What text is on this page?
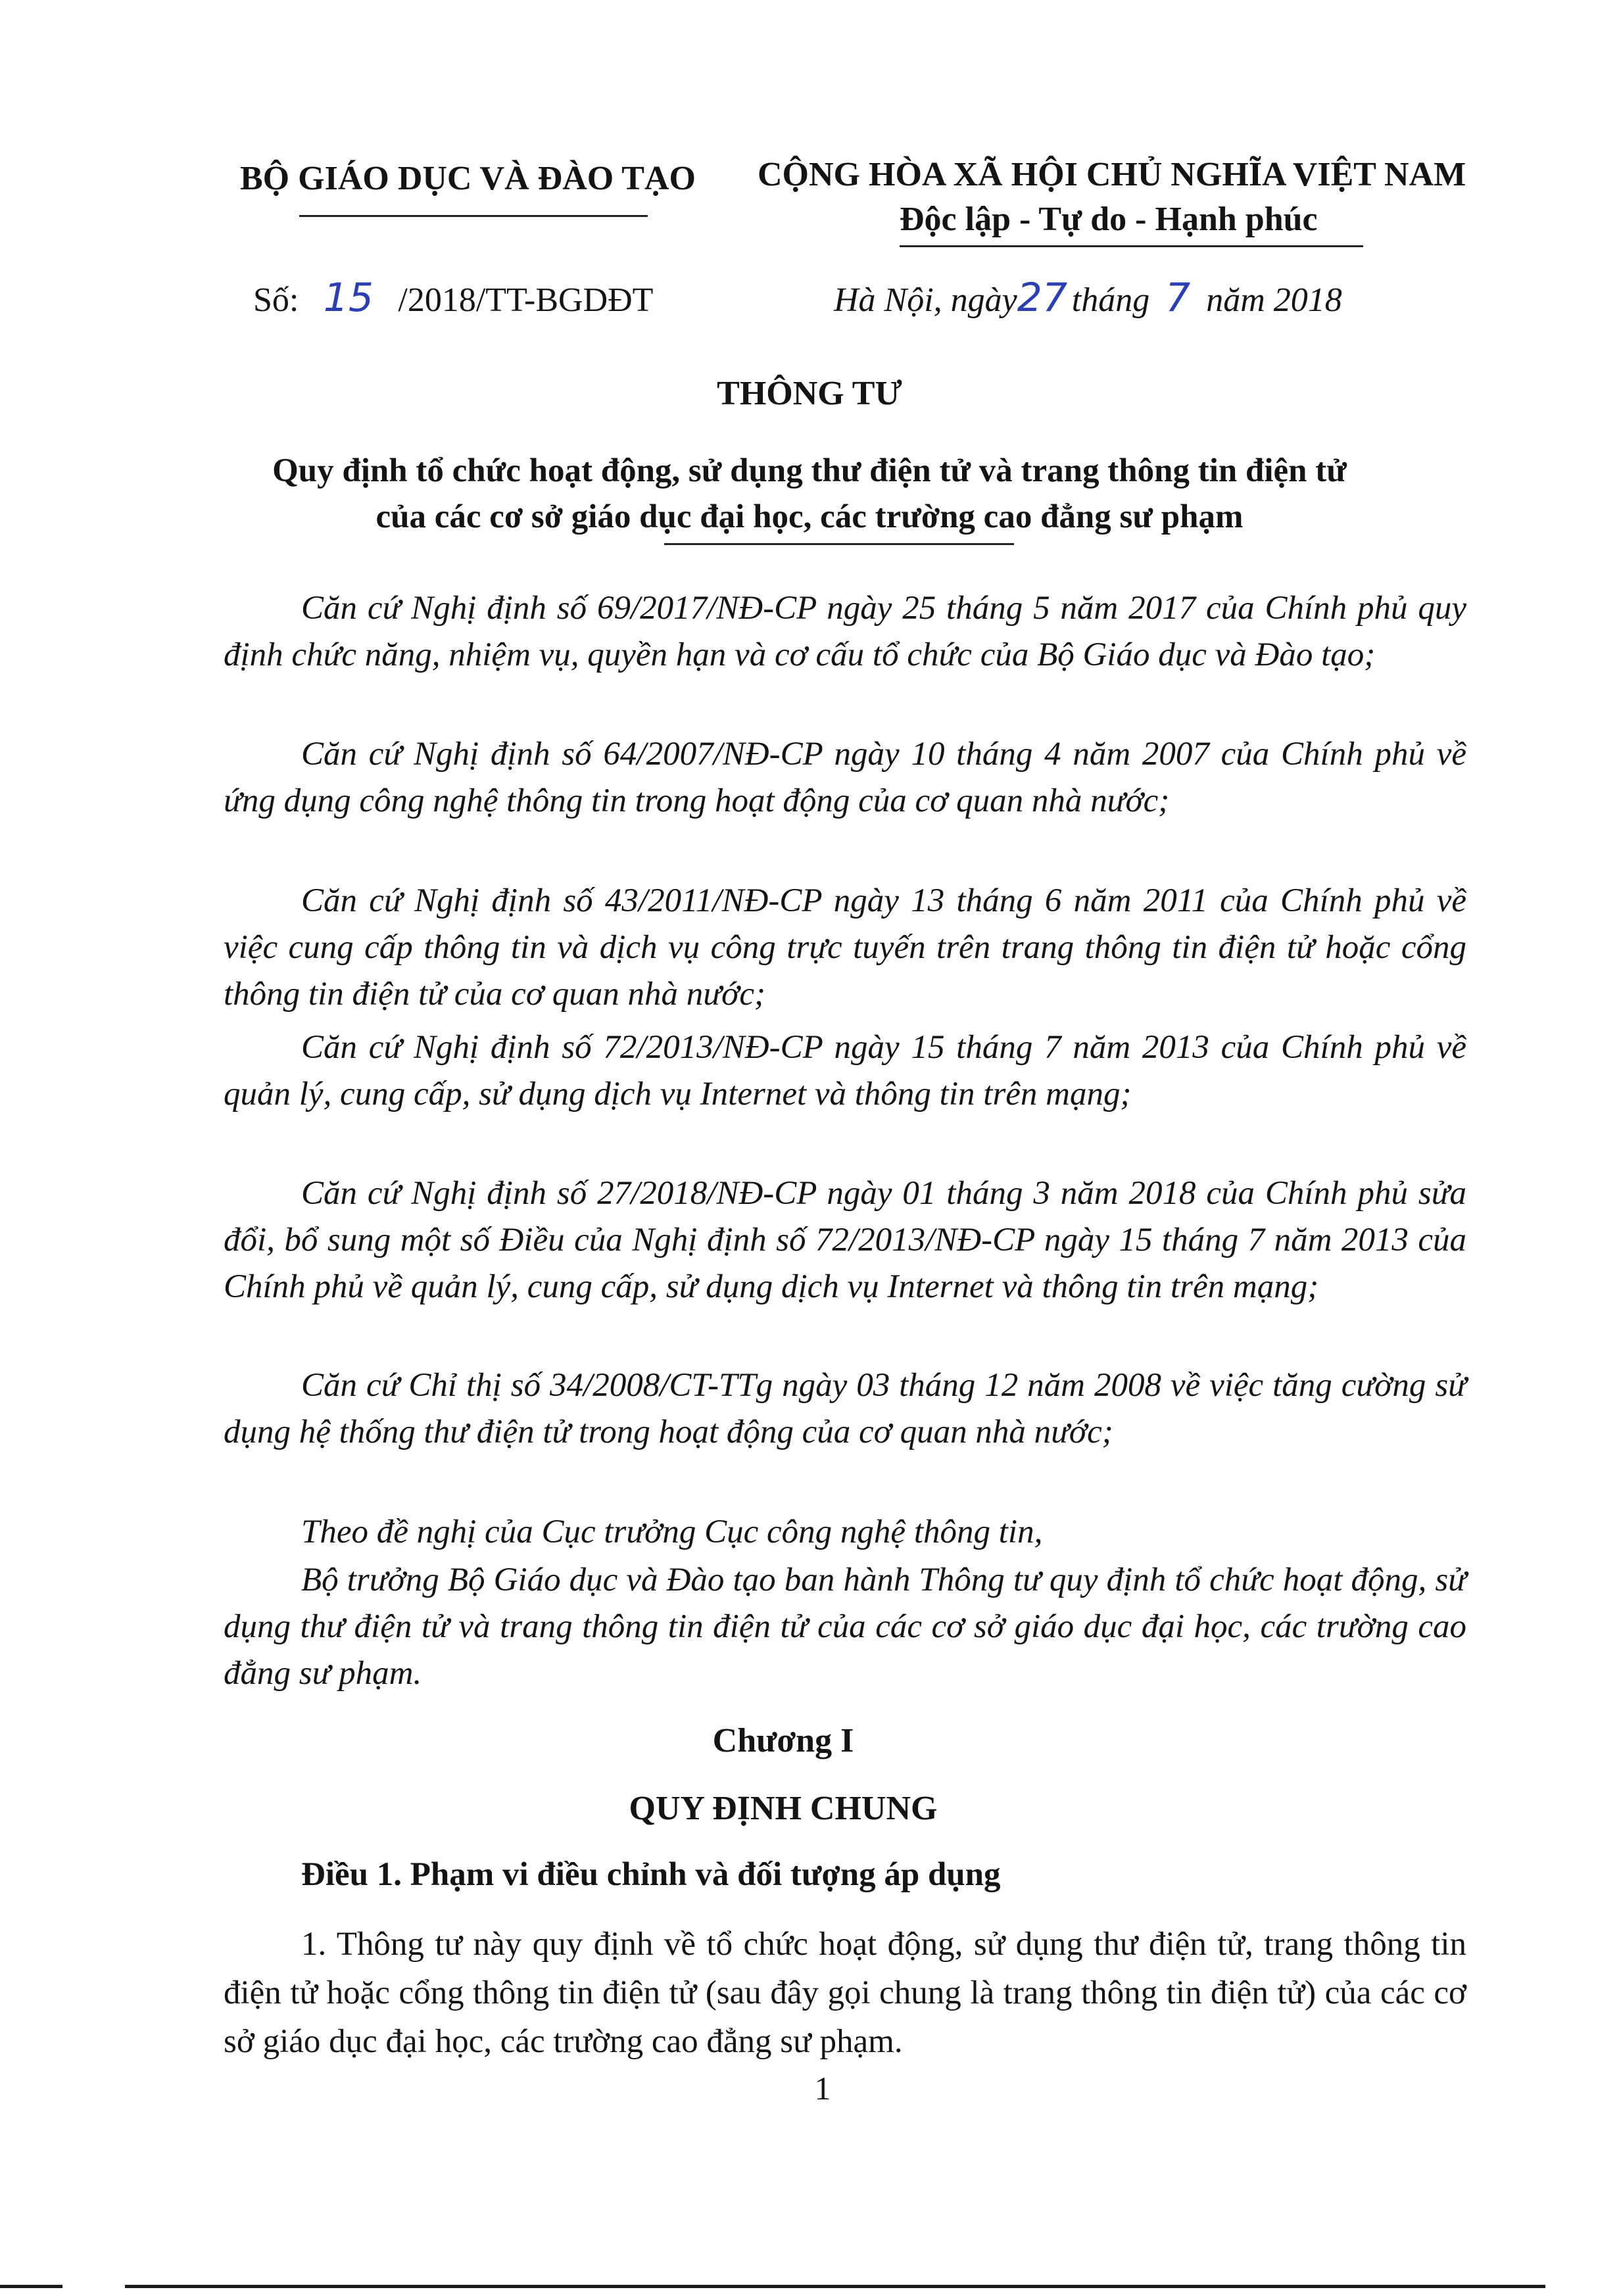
BỘ GIÁO DỤC VÀ ĐÀO TẠO CỘNG HÒA XÃ HỘI CHỦ NGHĨA VIỆT NAM
Độc lập - Tự do - Hạnh phúc
Số: 15 /2018/TT-BGDĐT	Hà Nội, ngày27 tháng 7 năm 2018
THÔNG TƯ
Quy định tổ chức hoạt động, sử dụng thư điện tử và trang thông tin điện tử
của các cơ sở giáo dục đại học, các trường cao đẳng sư phạm
Căn cứ Nghị định số 69/2017/NĐ-CP ngày 25 tháng 5 năm 2017 của Chính phủ quy định chức năng, nhiệm vụ, quyền hạn và cơ cấu tổ chức của Bộ Giáo dục và Đào tạo;
Căn cứ Nghị định số 64/2007/NĐ-CP ngày 10 tháng 4 năm 2007 của Chính phủ về ứng dụng công nghệ thông tin trong hoạt động của cơ quan nhà nước;
Căn cứ Nghị định số 43/2011/NĐ-CP ngày 13 tháng 6 năm 2011 của Chính phủ về việc cung cấp thông tin và dịch vụ công trực tuyến trên trang thông tin điện tử hoặc cổng thông tin điện tử của cơ quan nhà nước;
Căn cứ Nghị định số 72/2013/NĐ-CP ngày 15 tháng 7 năm 2013 của Chính phủ về quản lý, cung cấp, sử dụng dịch vụ Internet và thông tin trên mạng;
Căn cứ Nghị định số 27/2018/NĐ-CP ngày 01 tháng 3 năm 2018 của Chính phủ sửa đổi, bổ sung một số Điều của Nghị định số 72/2013/NĐ-CP ngày 15 tháng 7 năm 2013 của Chính phủ về quản lý, cung cấp, sử dụng dịch vụ Internet và thông tin trên mạng;
Căn cứ Chỉ thị số 34/2008/CT-TTg ngày 03 tháng 12 năm 2008 về việc tăng cường sử dụng hệ thống thư điện tử trong hoạt động của cơ quan nhà nước;
Theo đề nghị của Cục trưởng Cục công nghệ thông tin,
Bộ trưởng Bộ Giáo dục và Đào tạo ban hành Thông tư quy định tổ chức hoạt động, sử dụng thư điện tử và trang thông tin điện tử của các cơ sở giáo dục đại học, các trường cao đẳng sư phạm.
Chương I
QUY ĐỊNH CHUNG
Điều 1. Phạm vi điều chỉnh và đối tượng áp dụng
1. Thông tư này quy định về tổ chức hoạt động, sử dụng thư điện tử, trang thông tin điện tử hoặc cổng thông tin điện tử (sau đây gọi chung là trang thông tin điện tử) của các cơ sở giáo dục đại học, các trường cao đẳng sư phạm.
1
